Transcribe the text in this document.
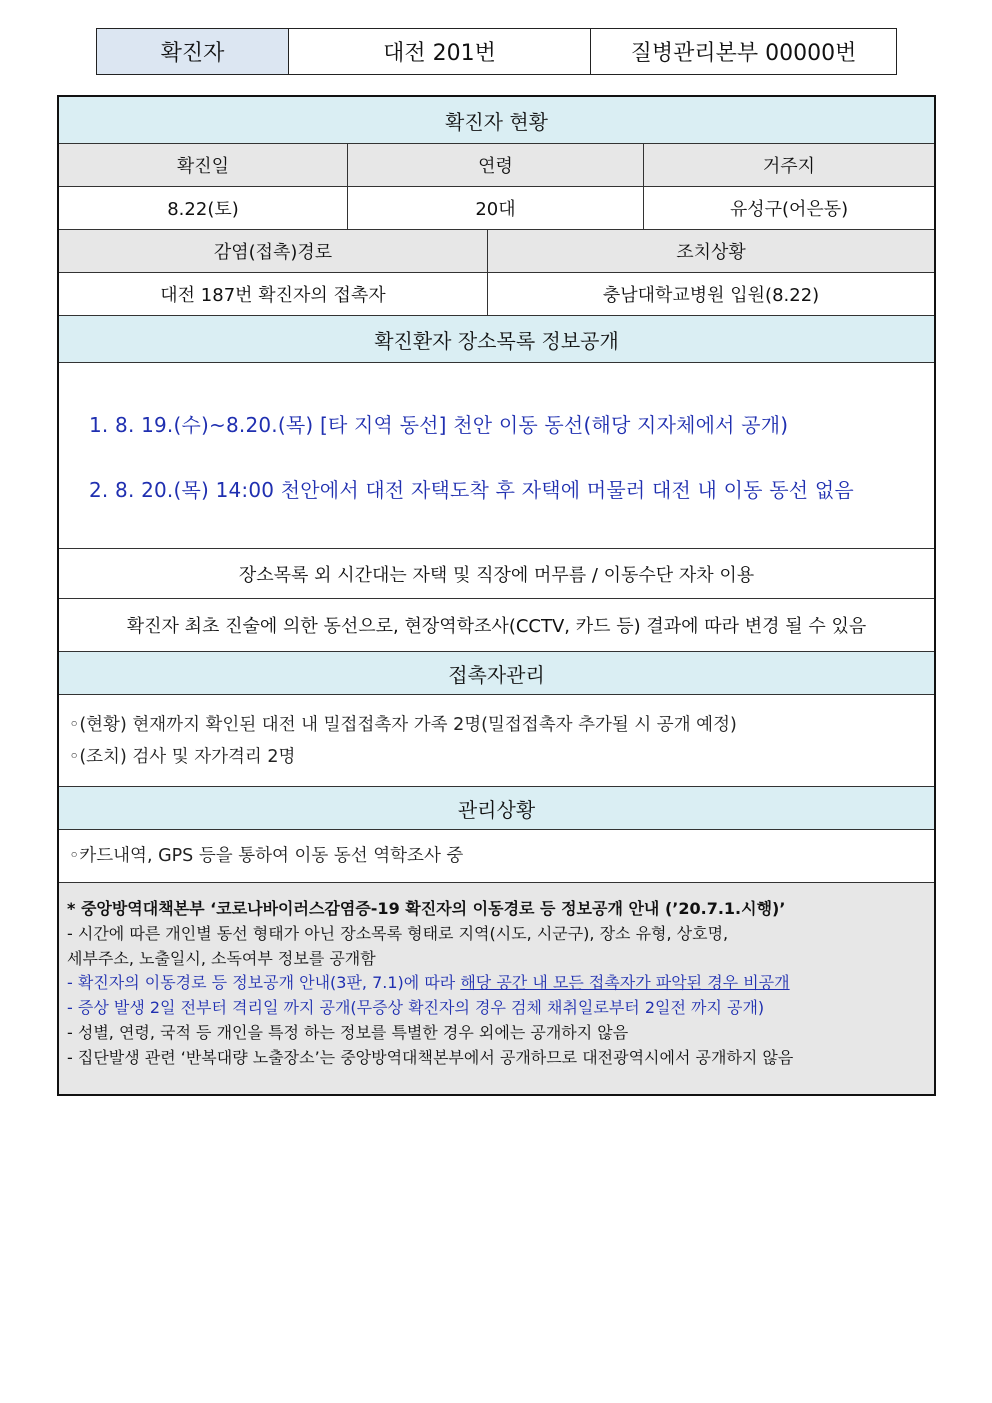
확진자	대전 201번	질병관리본부 00000번
확진자 현황
확진일	연령	거주지
8.22(토)	20대	유성구(어은동)
감염(접촉)경로	조치상황
대전 187번 확진자의 접촉자	충남대학교병원 입원(8.22)
확진환자 장소목록 정보공개
1. 8. 19.(수)~8.20.(목) [타 지역 동선] 천안 이동 동선(해당 지자체에서 공개)
2. 8. 20.(목) 14:00 천안에서 대전 자택도착 후 자택에 머물러 대전 내 이동 동선 없음
장소목록 외 시간대는 자택 및 직장에 머무름 / 이동수단 자차 이용
확진자 최초 진술에 의한 동선으로, 현장역학조사(CCTV, 카드 등) 결과에 따라 변경 될 수 있음
접촉자관리
◦(현황) 현재까지 확인된 대전 내 밀접접촉자 가족 2명(밀접접촉자 추가될 시 공개 예정)
◦(조치) 검사 및 자가격리 2명
관리상황
◦카드내역, GPS 등을 통하여 이동 동선 역학조사 중
* 중앙방역대책본부 ‘코로나바이러스감염증-19 확진자의 이동경로 등 정보공개 안내 (’20.7.1.시행)’
- 시간에 따른 개인별 동선 형태가 아닌 장소목록 형태로 지역(시도, 시군구), 장소 유형, 상호명,
세부주소, 노출일시, 소독여부 정보를 공개함
- 확진자의 이동경로 등 정보공개 안내(3판, 7.1)에 따라 해당 공간 내 모든 접촉자가 파악된 경우 비공개
- 증상 발생 2일 전부터 격리일 까지 공개(무증상 확진자의 경우 검체 채취일로부터 2일전 까지 공개)
- 성별, 연령, 국적 등 개인을 특정 하는 정보를 특별한 경우 외에는 공개하지 않음
- 집단발생 관련 ‘반복대량 노출장소’는 중앙방역대책본부에서 공개하므로 대전광역시에서 공개하지 않음
